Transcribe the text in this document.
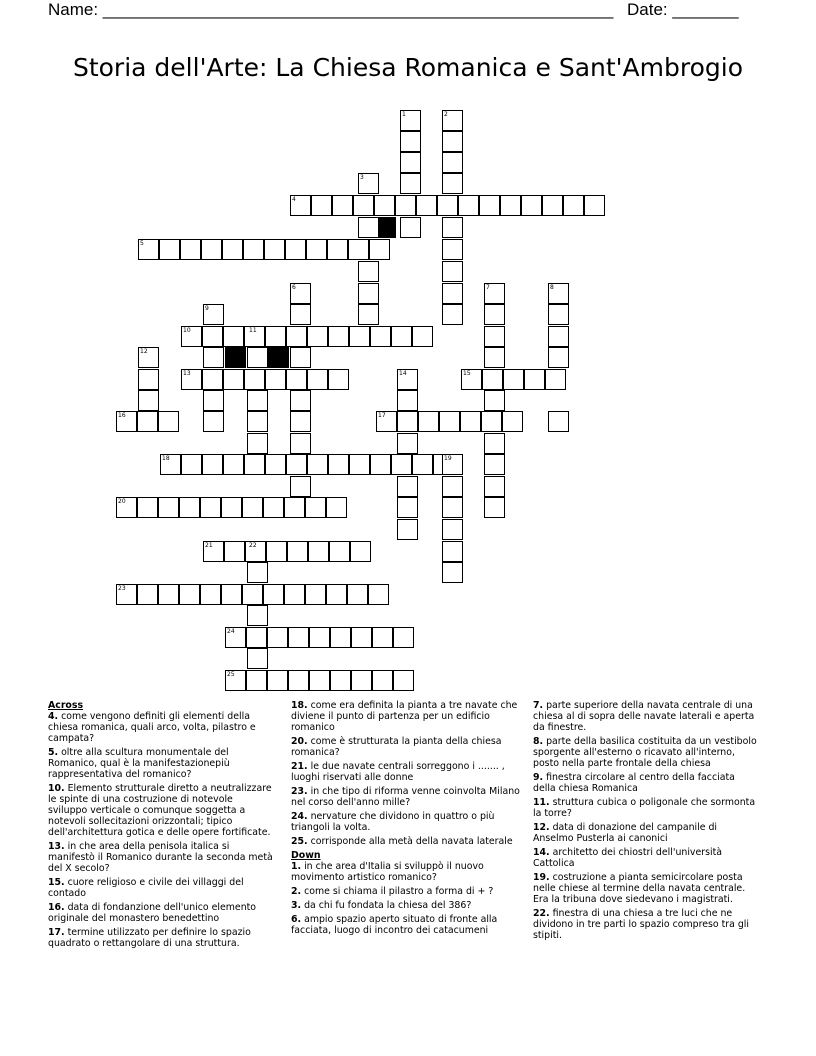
Name: ______________________________________________________ Date: _______
Storia dell'Arte: La Chiesa Romanica e Sant'Ambrogio
1	2
3
4
5
6	7	8
9
10	11
12
13	14	15
16	17
18	19
20
21	22
23
24
25
Across
4. come vengono definiti gli elementi della chiesa romanica, quali arco, volta, pilastro e campata?
5. oltre alla scultura monumentale del Romanico, qual è la manifestazionepiù rappresentativa del romanico?
10. Elemento strutturale diretto a neutralizzare le spinte di una costruzione di notevole sviluppo verticale o comunque soggetta a notevoli sollecitazioni orizzontali; tipico dell'architettura gotica e delle opere fortificate.
13. in che area della penisola italica si manifestò il Romanico durante la seconda metà del X secolo?
15. cuore religioso e civile dei villaggi del contado
16. data di fondanzione dell'unico elemento originale del monastero benedettino
17. termine utilizzato per definire lo spazio quadrato o rettangolare di una struttura.
18. come era definita la pianta a tre navate che diviene il punto di partenza per un edificio romanico
20. come è strutturata la pianta della chiesa romanica?
21. le due navate centrali sorreggono i ....... , luoghi riservati alle donne
23. in che tipo di riforma venne coinvolta Milano nel corso dell'anno mille?
24. nervature che dividono in quattro o più triangoli la volta.
25. corrisponde alla metà della navata laterale
Down
1. in che area d'Italia si sviluppò il nuovo movimento artistico romanico?
2. come si chiama il pilastro a forma di + ?
3. da chi fu fondata la chiesa del 386?
6. ampio spazio aperto situato di fronte alla facciata, luogo di incontro dei catacumeni
7. parte superiore della navata centrale di una chiesa al di sopra delle navate laterali e aperta da finestre.
8. parte della basilica costituita da un vestibolo sporgente all'esterno o ricavato all'interno, posto nella parte frontale della chiesa
9. finestra circolare al centro della facciata della chiesa Romanica
11. struttura cubica o poligonale che sormonta la torre?
12. data di donazione del campanile di Anselmo Pusterla ai canonici
14. architetto dei chiostri dell'università Cattolica
19. costruzione a pianta semicircolare posta nelle chiese al termine della navata centrale. Era la tribuna dove siedevano i magistrati.
22. finestra di una chiesa a tre luci che ne dividono in tre parti lo spazio compreso tra gli stipiti.
